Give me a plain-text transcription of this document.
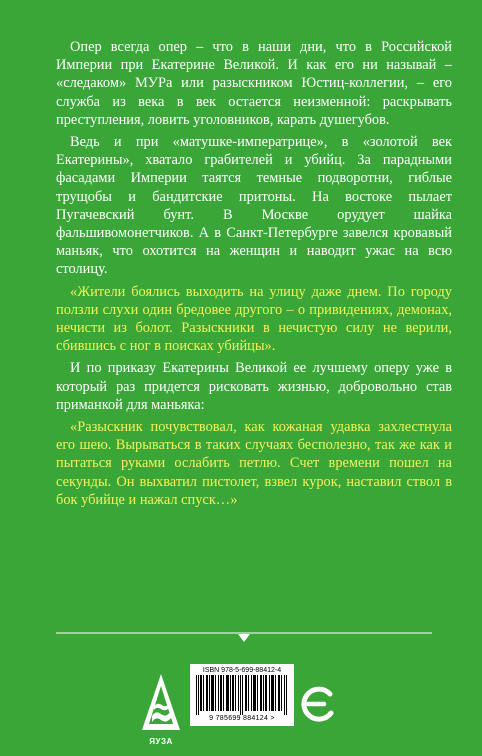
Опер всегда опер – что в наши дни, что в Российской Империи при Екатерине Великой. И как его ни называй – «следаком» МУРа или разыскником Юстиц-коллегии, – его служба из века в век остается неизменной: раскрывать преступления, ловить уголовников, карать душегубов.

Ведь и при «матушке-императрице», в «золотой век Екатерины», хватало грабителей и убийц. За парадными фасадами Империи таятся темные подворотни, гиблые трущобы и бандитские притоны. На востоке пылает Пугачевский бунт. В Москве орудует шайка фальшивомонетчиков. А в Санкт-Петербурге завелся кровавый маньяк, что охотится на женщин и наводит ужас на всю столицу.

«Жители боялись выходить на улицу даже днем. По городу ползли слухи один бредовее другого – о привидениях, демонах, нечисти из болот. Разыскники в нечистую силу не верили, сбившись с ног в поисках убийцы».

И по приказу Екатерины Великой ее лучшему оперу уже в который раз придется рисковать жизнью, добровольно став приманкой для маньяка:

«Разыскник почувствовал, как кожаная удавка захлестнула его шею. Вырываться в таких случаях бесполезно, так же как и пытаться руками ослабить петлю. Счет времени пошел на секунды. Он выхватил пистолет, взвел курок, наставил ствол в бок убийце и нажал спуск…»

ЯУЗА
ISBN 978-5-699-88412-4
9 785699 884124 >
